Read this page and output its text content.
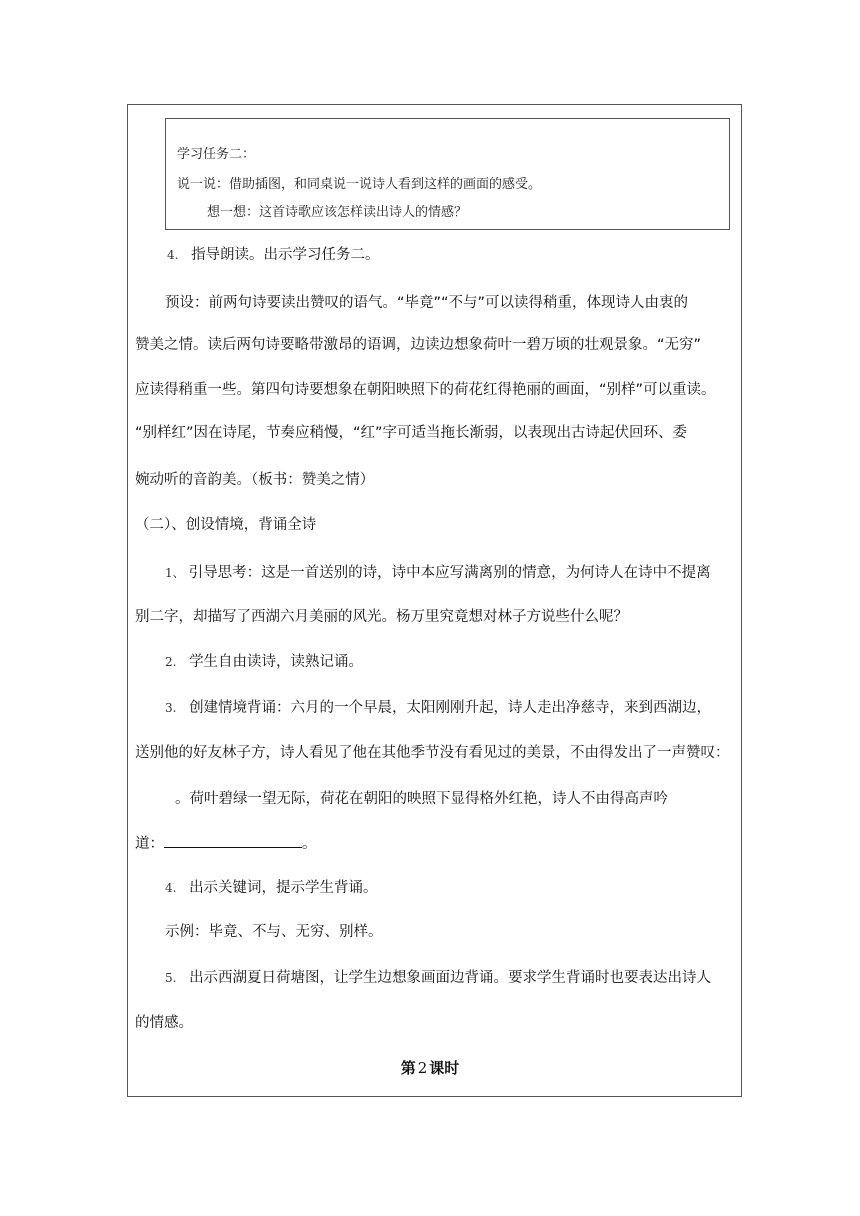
学习任务二：
说一说：借助插图，和同桌说一说诗人看到这样的画面的感受。
想一想：这首诗歌应该怎样读出诗人的情感？
4. 指导朗读。出示学习任务二。
预设：前两句诗要读出赞叹的语气。“毕竟”“不与”可以读得稍重，体现诗人由衷的
赞美之情。读后两句诗要略带激昂的语调，边读边想象荷叶一碧万顷的壮观景象。“无穷”
应读得稍重一些。第四句诗要想象在朝阳映照下的荷花红得艳丽的画面，“别样”可以重读。
“别样红”因在诗尾，节奏应稍慢，“红”字可适当拖长渐弱，以表现出古诗起伏回环、委
婉动听的音韵美。（板书：赞美之情）
（二）、创设情境，背诵全诗
1、 引导思考：这是一首送别的诗，诗中本应写满离别的情意，为何诗人在诗中不提离
别二字，却描写了西湖六月美丽的风光。杨万里究竟想对林子方说些什么呢？
2. 学生自由读诗，读熟记诵。
3. 创建情境背诵：六月的一个早晨，太阳刚刚升起，诗人走出净慈寺，来到西湖边，
送别他的好友林子方，诗人看见了他在其他季节没有看见过的美景，不由得发出了一声赞叹：
。荷叶碧绿一望无际，荷花在朝阳的映照下显得格外红艳，诗人不由得高声吟
道：	。
4. 出示关键词，提示学生背诵。
示例：毕竟、不与、无穷、别样。
5. 出示西湖夏日荷塘图，让学生边想象画面边背诵。要求学生背诵时也要表达出诗人
的情感。
第 2 课时
